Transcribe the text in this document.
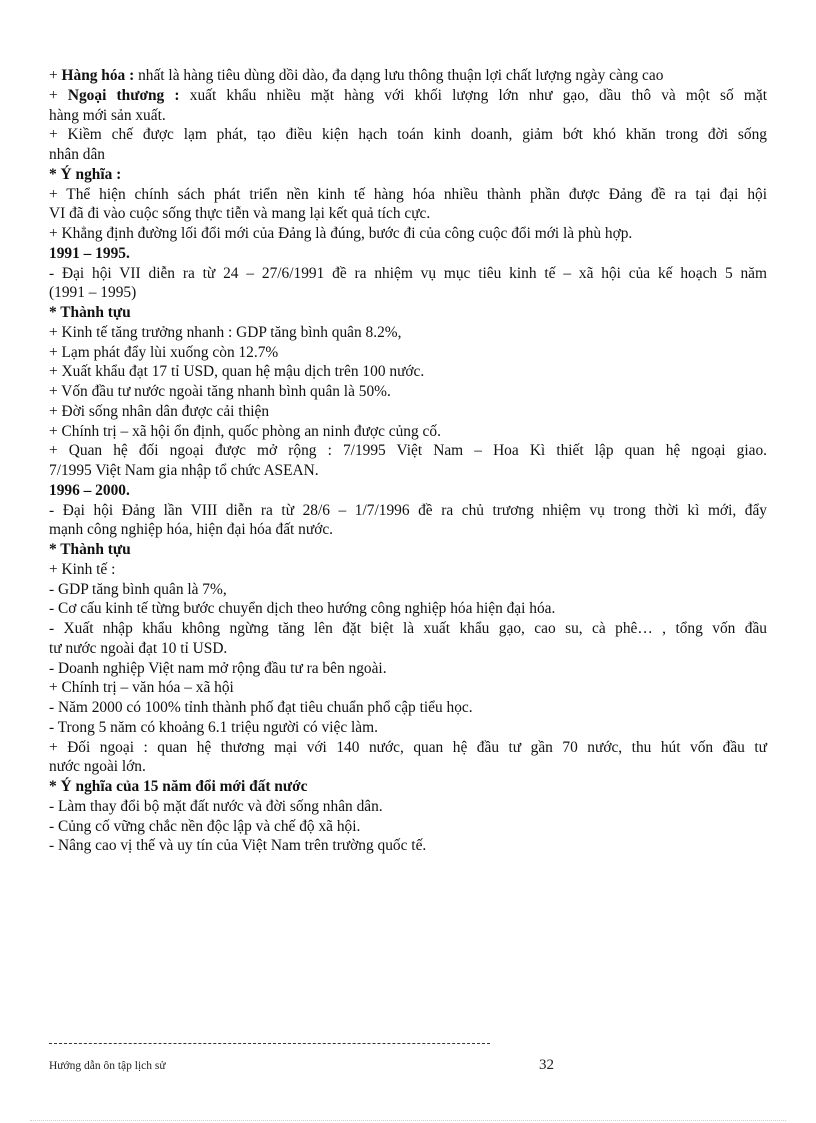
+ Hàng hóa : nhất là hàng tiêu dùng dồi dào, đa dạng lưu thông thuận lợi chất lượng ngày càng cao
+ Ngoại thương : xuất khẩu nhiều mặt hàng với khối lượng lớn như gạo, dầu thô và một số mặt
hàng mới sản xuất.
+ Kiềm chế được lạm phát, tạo điều kiện hạch toán kinh doanh, giảm bớt khó khăn trong đời sống
nhân dân
* Ý nghĩa :
+ Thể hiện chính sách phát triển nền kinh tế hàng hóa nhiều thành phần được Đảng đề ra tại đại hội
VI đã đi vào cuộc sống thực tiễn và mang lại kết quả tích cực.
+ Khẳng định đường lối đổi mới của Đảng là đúng, bước đi của công cuộc đổi mới là phù hợp.
1991 – 1995.
- Đại hội VII diễn ra từ 24 – 27/6/1991 đề ra nhiệm vụ mục tiêu kinh tế – xã hội của kế hoạch 5 năm
(1991 – 1995)
* Thành tựu
+ Kinh tế tăng trưởng nhanh : GDP tăng bình quân 8.2%,
+ Lạm phát đẩy lùi xuống còn 12.7%
+ Xuất khẩu đạt 17 tỉ USD, quan hệ mậu dịch trên 100 nước.
+ Vốn đầu tư nước ngoài tăng nhanh bình quân là 50%.
+ Đời sống nhân dân được cải thiện
+ Chính trị – xã hội ổn định, quốc phòng an ninh được củng cố.
+ Quan hệ đối ngoại được mở rộng : 7/1995 Việt Nam – Hoa Kì thiết lập quan hệ ngoại giao.
7/1995 Việt Nam gia nhập tổ chức ASEAN.
1996 – 2000.
- Đại hội Đảng lần VIII diễn ra từ 28/6 – 1/7/1996 đề ra chủ trương nhiệm vụ trong thời kì mới, đẩy
mạnh công nghiệp hóa, hiện đại hóa đất nước.
* Thành tựu
+ Kinh tế :
- GDP tăng bình quân là 7%,
- Cơ cấu kinh tế từng bước chuyển dịch theo hướng công nghiệp hóa hiện đại hóa.
- Xuất nhập khẩu không ngừng tăng lên đặt biệt là xuất khẩu gạo, cao su, cà phê… , tổng vốn đầu
tư nước ngoài đạt 10 tỉ USD.
- Doanh nghiệp Việt nam mở rộng đầu tư ra bên ngoài.
+ Chính trị – văn hóa – xã hội
- Năm 2000 có 100% tỉnh thành phố đạt tiêu chuẩn phổ cập tiểu học.
- Trong 5 năm có khoảng 6.1 triệu người có việc làm.
+ Đối ngoại : quan hệ thương mại với 140 nước, quan hệ đầu tư gần 70 nước, thu hút vốn đầu tư
nước ngoài lớn.
* Ý nghĩa của 15 năm đổi mới đất nước
- Làm thay đổi bộ mặt đất nước và đời sống nhân dân.
- Củng cố vững chắc nền độc lập và chế độ xã hội.
- Nâng cao vị thế và uy tín của Việt Nam trên trường quốc tế.
Hướng dẫn ôn tập lịch sử	32
